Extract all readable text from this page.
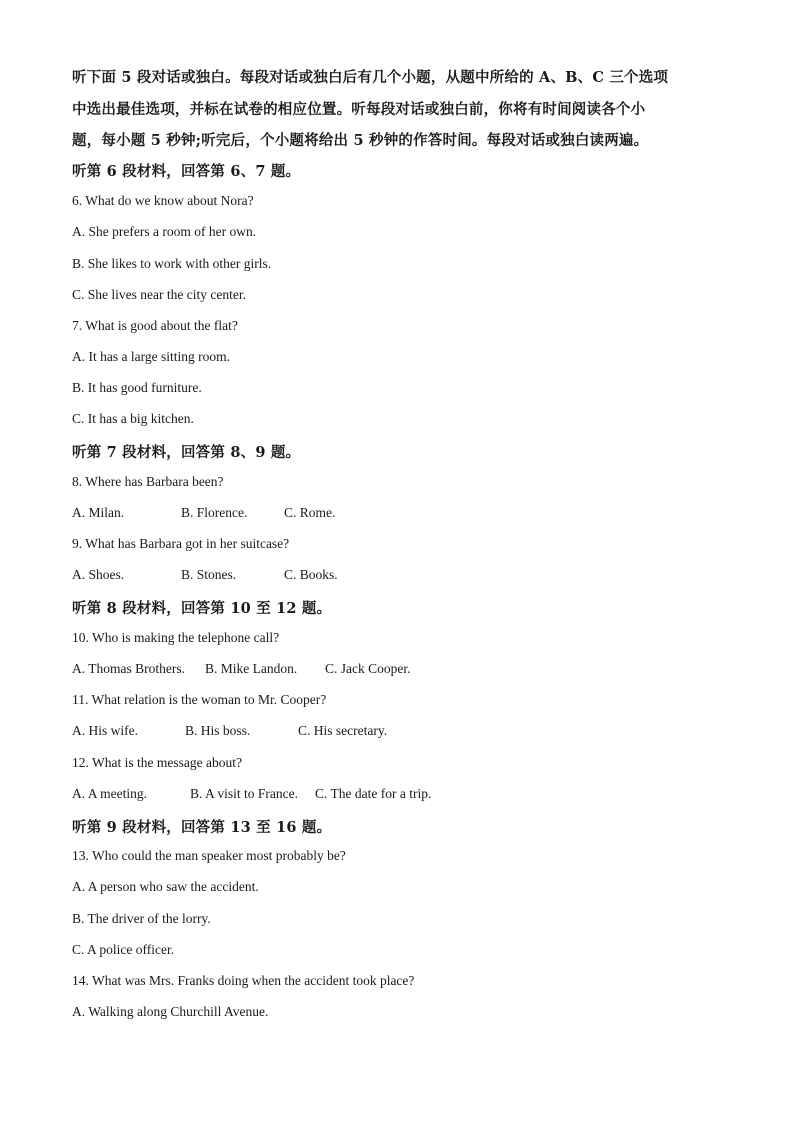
听下面 5 段对话或独白。每段对话或独白后有几个小题，从题中所给的 A、B、C 三个选项
中选出最佳选项，并标在试卷的相应位置。听每段对话或独白前，你将有时间阅读各个小
题，每小题 5 秒钟;听完后，个小题将给出 5 秒钟的作答时间。每段对话或独白读两遍。
听第 6 段材料，回答第 6、7 题。
6. What do we know about Nora?
A. She prefers a room of her own.
B. She likes to work with other girls.
C. She lives near the city center.
7. What is good about the flat?
A. It has a large sitting room.
B. It has good furniture.
C. It has a big kitchen.
听第 7 段材料，回答第 8、9 题。
8. Where has Barbara been?
A. Milan.	B. Florence.	C. Rome.
9. What has Barbara got in her suitcase?
A. Shoes.	B. Stones.	C. Books.
听第 8 段材料，回答第 10 至 12 题。
10. Who is making the telephone call?
A. Thomas Brothers. B. Mike Landon. C. Jack Cooper.
11. What relation is the woman to Mr. Cooper?
A. His wife.	B. His boss.	C. His secretary.
12. What is the message about?
A. A meeting.	B. A visit to France. C. The date for a trip.
听第 9 段材料，回答第 13 至 16 题。
13. Who could the man speaker most probably be?
A. A person who saw the accident.
B. The driver of the lorry.
C. A police officer.
14. What was Mrs. Franks doing when the accident took place?
A. Walking along Churchill Avenue.
